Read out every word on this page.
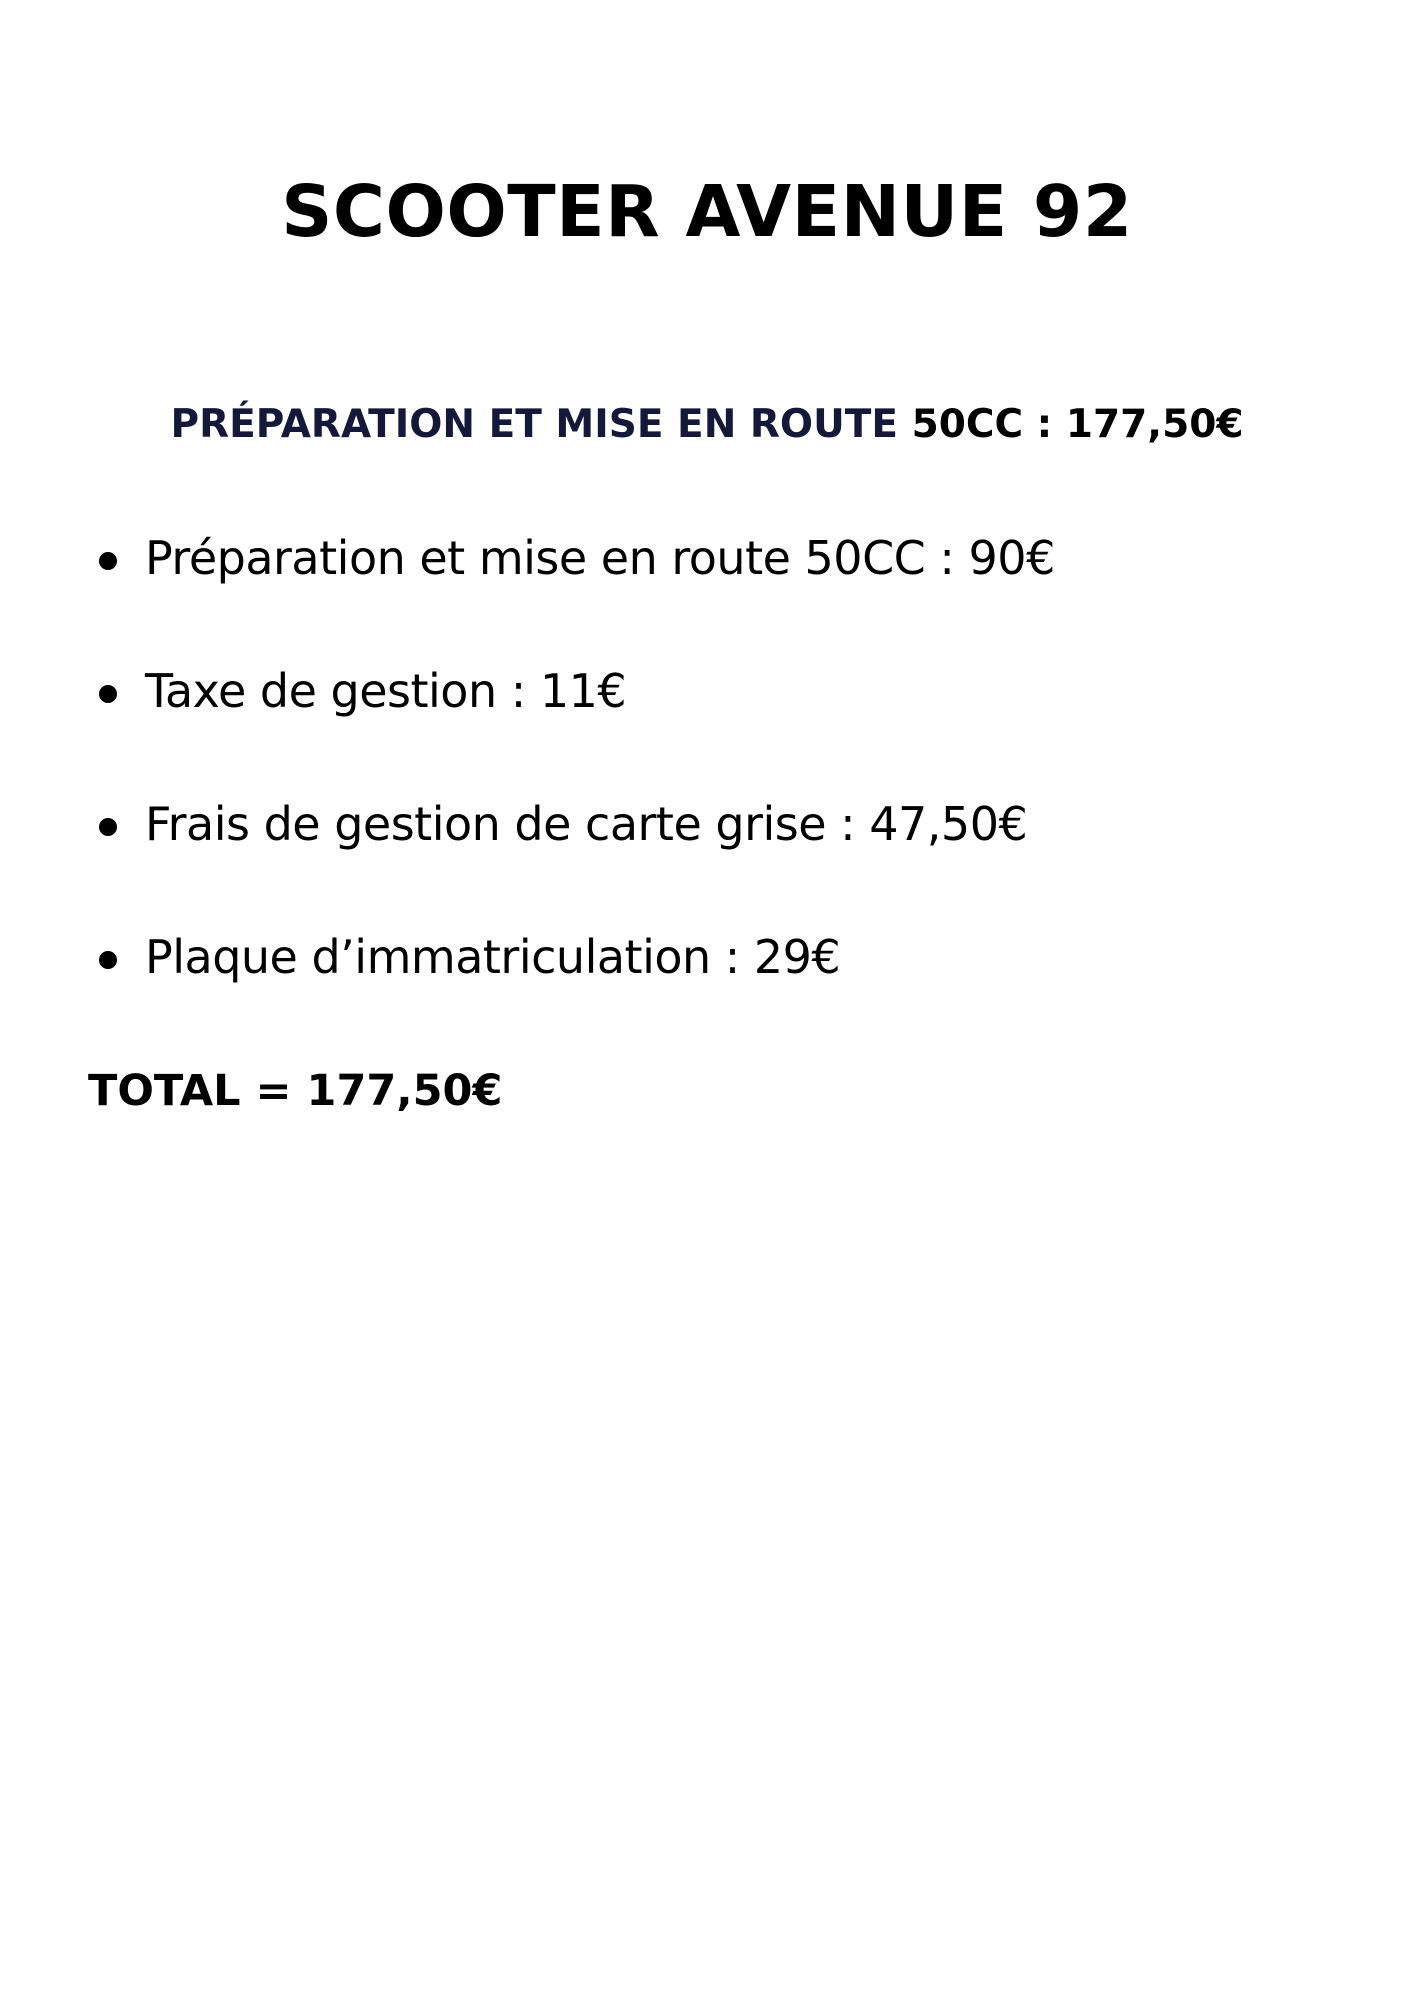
SCOOTER AVENUE 92

PRÉPARATION ET MISE EN ROUTE 50CC : 177,50€

Préparation et mise en route 50CC : 90€
Taxe de gestion : 11€
Frais de gestion de carte grise : 47,50€
Plaque d’immatriculation : 29€

TOTAL = 177,50€
